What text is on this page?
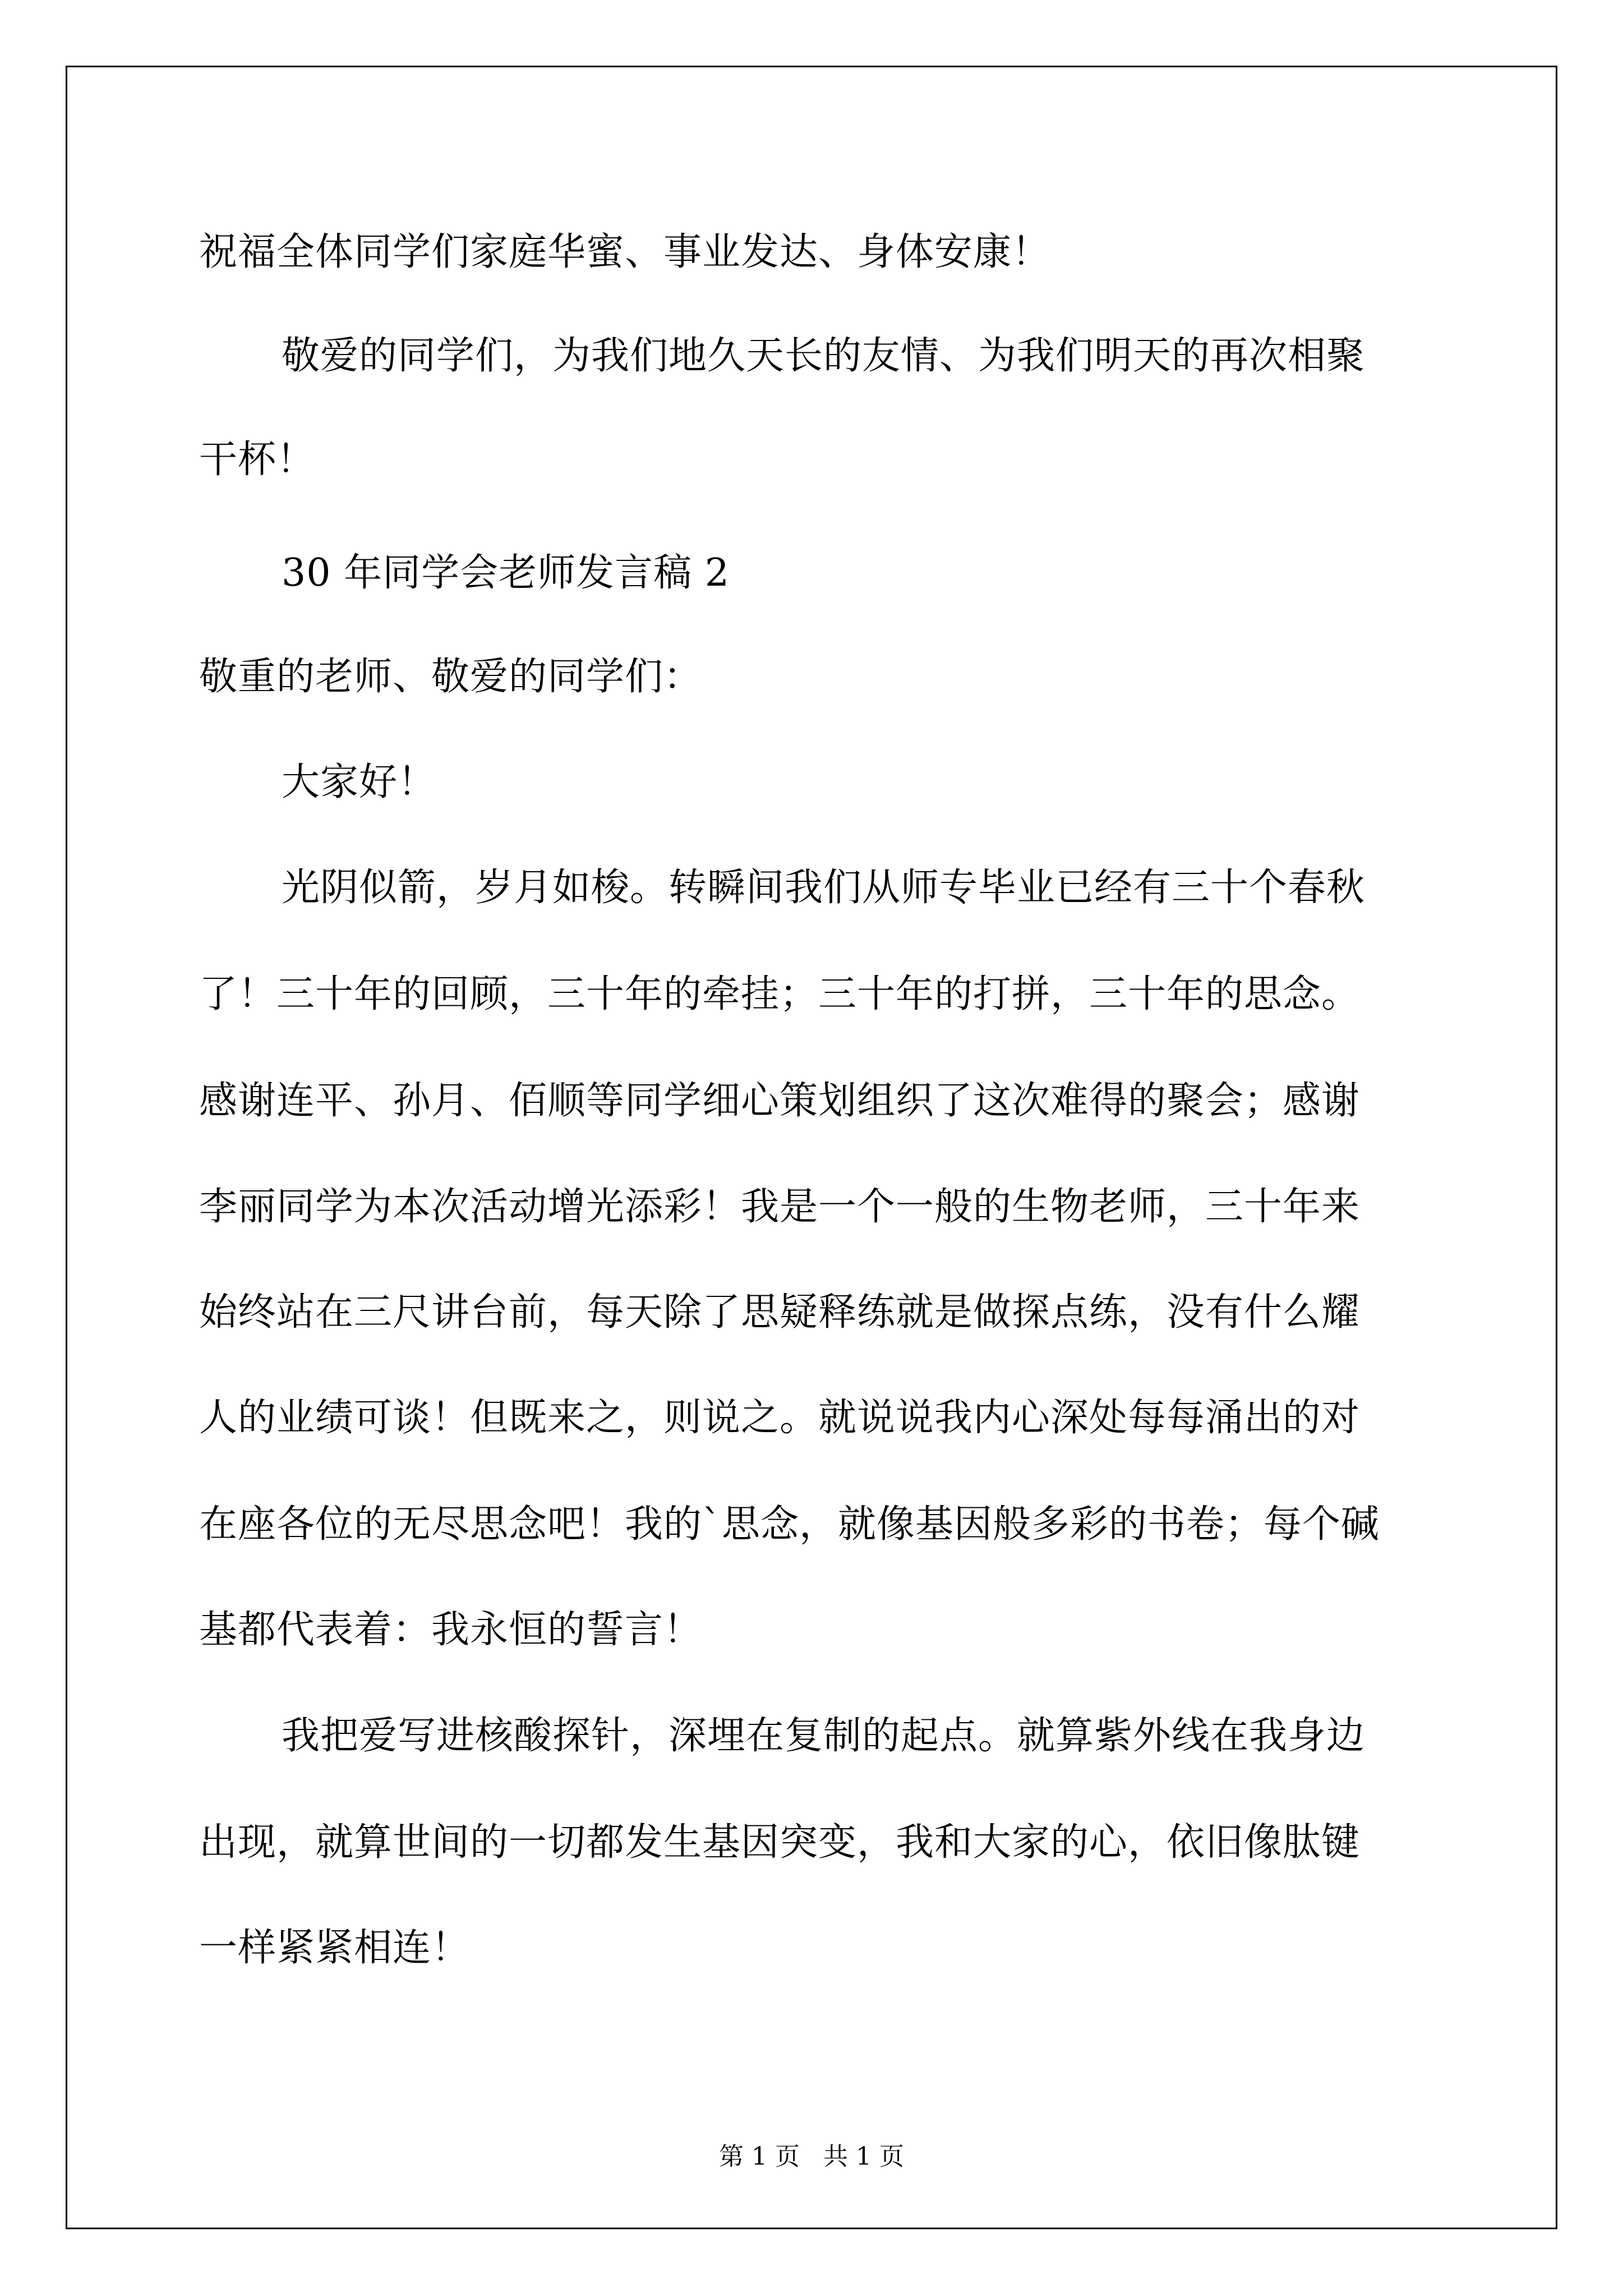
祝福全体同学们家庭华蜜、事业发达、身体安康！
敬爱的同学们，为我们地久天长的友情、为我们明天的再次相聚
干杯！
30 年同学会老师发言稿 2
敬重的老师、敬爱的同学们：
大家好！
光阴似箭，岁月如梭。转瞬间我们从师专毕业已经有三十个春秋
了！三十年的回顾，三十年的牵挂；三十年的打拼，三十年的思念。
感谢连平、孙月、佰顺等同学细心策划组织了这次难得的聚会；感谢
李丽同学为本次活动增光添彩！我是一个一般的生物老师，三十年来
始终站在三尺讲台前，每天除了思疑释练就是做探点练，没有什么耀
人的业绩可谈！但既来之，则说之。就说说我内心深处每每涌出的对
在座各位的无尽思念吧！我的`思念，就像基因般多彩的书卷；每个碱
基都代表着：我永恒的誓言！
我把爱写进核酸探针，深埋在复制的起点。就算紫外线在我身边
出现，就算世间的一切都发生基因突变，我和大家的心，依旧像肽键
一样紧紧相连！
第 1 页   共 1 页
